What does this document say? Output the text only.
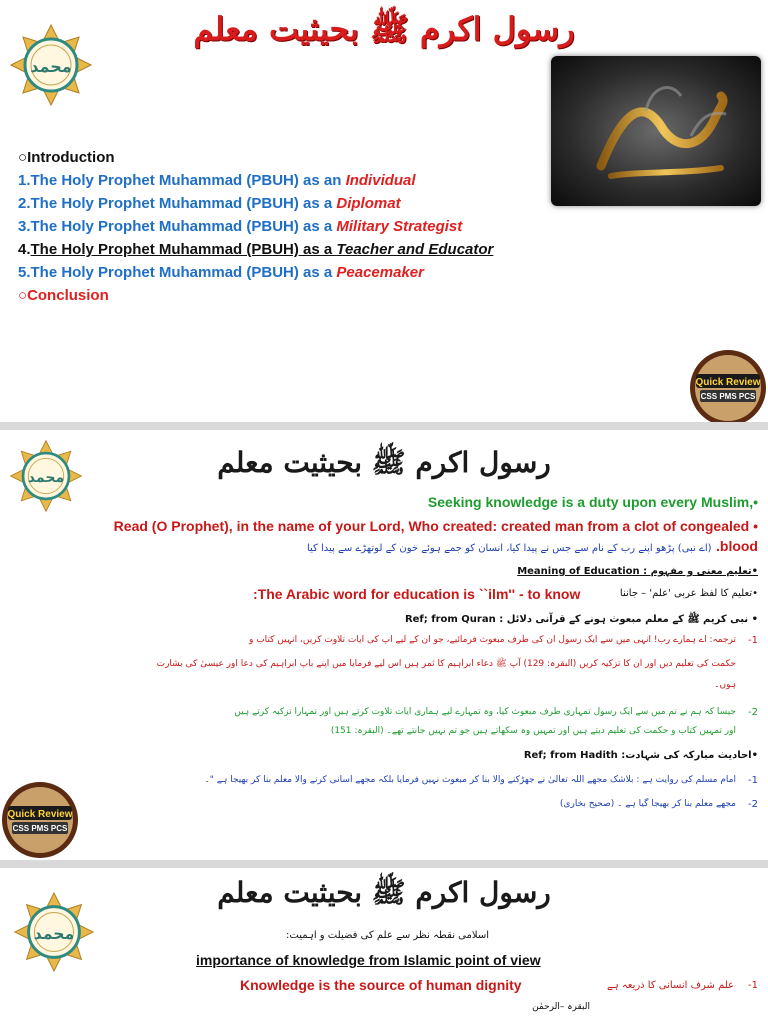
رسول اکرم ﷺ بحیثیت معلم
محمد
○Introduction
1.The Holy Prophet Muhammad (PBUH) as an Individual
2.The Holy Prophet Muhammad (PBUH) as a Diplomat
3.The Holy Prophet Muhammad (PBUH) as a Military Strategist
4.The Holy Prophet Muhammad (PBUH) as a Teacher and Educator
5.The Holy Prophet Muhammad (PBUH) as a Peacemaker
○Conclusion
Quick Review
CSS PMS PCS
رسول اکرم ﷺ بحیثیت معلم
محمد
Seeking knowledge is a duty upon every Muslim,•
Read (O Prophet), in the name of your Lord, Who created: created man from a clot of congealed •
blood. (اے نبی) پڑھو اپنے رب کے نام سے جس نے پیدا کیا، انسان کو جمے ہوئے خون کے لوتھڑے سے پیدا کیا
•تعلیم معنی و مفہوم : Meaning of Education
•تعلیم کا لفظ عربی 'علم' – جاننا
:The Arabic word for education is ``ilm'' - to know
• نبی کریم ﷺ کے معلم مبعوث ہونے کے قرآنی دلائل : Ref; from Quran
-1
ترجمہ: اے ہمارے رب! انہی میں سے ایک رسول ان کی طرف مبعوث فرمائیے، جو ان کے لیے آپ کی آیات تلاوت کریں، انہیں کتاب و
حکمت کی تعلیم دیں اور ان کا تزکیہ کریں (البقرہ: 129) آپ ﷺ دعاء ابراہیم کا ثمر ہیں اس لیے فرمایا میں اپنے باپ ابراہیم کی دعا اور عیسیٰ کی بشارت
ہوں۔
-2
جیسا کہ ہم نے تم میں سے ایک رسول تمہاری طرف مبعوث کیا، وہ تمہارے لیے ہماری آیات تلاوت کرتے ہیں اور تمہارا تزکیہ کرتے ہیں
اور تمہیں کتاب و حکمت کی تعلیم دیتے ہیں اور تمہیں وہ سکھاتے ہیں جو تم نہیں جانتے تھے۔ (البقرہ: 151)
•احادیث مبارکہ کی شہادت: Ref; from Hadith
-1
امام مسلم کی روایت ہے : بلاشک مجھے اللہ تعالیٰ نے جھڑکنے والا بنا کر مبعوث نہیں فرمایا بلکہ مجھے آسانی کرنے والا معلم بنا کر بھیجا ہے "۔
-2
مجھے معلم بنا کر بھیجا گیا ہے ۔ (صحیح بخاری)
Quick Review
CSS PMS PCS
رسول اکرم ﷺ بحیثیت معلم
محمد	اسلامی نقطہ نظر سے علم کی فضیلت و اہمیت:
importance of knowledge from Islamic point of view
-1
علم شرف انسانی کا ذریعہ ہے
Knowledge is the source of human dignity
البقرہ –الرحمٰن
